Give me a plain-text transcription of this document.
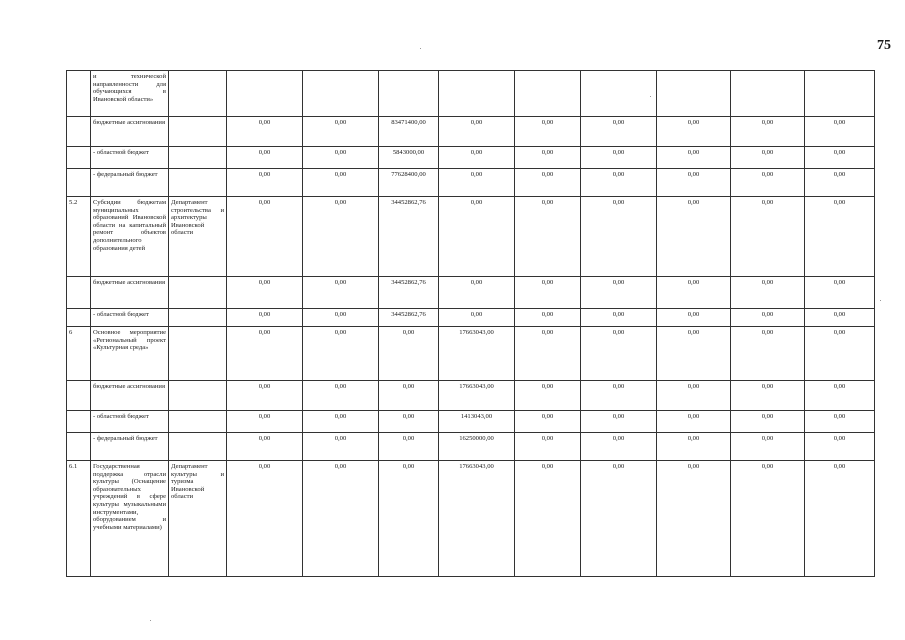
75
	и технической направленности для обучающихся в Ивановской области»											
	бюджетные ассигнования		0,00	0,00	83471400,00	0,00	0,00	0,00	0,00	0,00	0,00	
	- областной бюджет		0,00	0,00	5843000,00	0,00	0,00	0,00	0,00	0,00	0,00	
	- федеральный бюджет		0,00	0,00	77628400,00	0,00	0,00	0,00	0,00	0,00	0,00	
5.2	Субсидии бюджетам муниципальных образований Ивановской области на капитальный ремонт объектов дополнительного образования детей	Департамент строительства и архитектуры Ивановской области	0,00	0,00	34452862,76	0,00	0,00	0,00	0,00	0,00	0,00	
	бюджетные ассигнования		0,00	0,00	34452862,76	0,00	0,00	0,00	0,00	0,00	0,00	
	- областной бюджет		0,00	0,00	34452862,76	0,00	0,00	0,00	0,00	0,00	0,00	
6	Основное мероприятие «Региональный проект «Культурная среда»		0,00	0,00	0,00	17663043,00	0,00	0,00	0,00	0,00	0,00	
	бюджетные ассигнования		0,00	0,00	0,00	17663043,00	0,00	0,00	0,00	0,00	0,00	
	- областной бюджет		0,00	0,00	0,00	1413043,00	0,00	0,00	0,00	0,00	0,00	
	- федеральный бюджет		0,00	0,00	0,00	16250000,00	0,00	0,00	0,00	0,00	0,00	
6.1	Государственная поддержка отрасли культуры (Оснащение образовательных учреждений в сфере культуры музыкальными инструментами, оборудованием и учебными материалами)	Департамент культуры и туризма Ивановской области	0,00	0,00	0,00	17663043,00	0,00	0,00	0,00	0,00	0,00	
